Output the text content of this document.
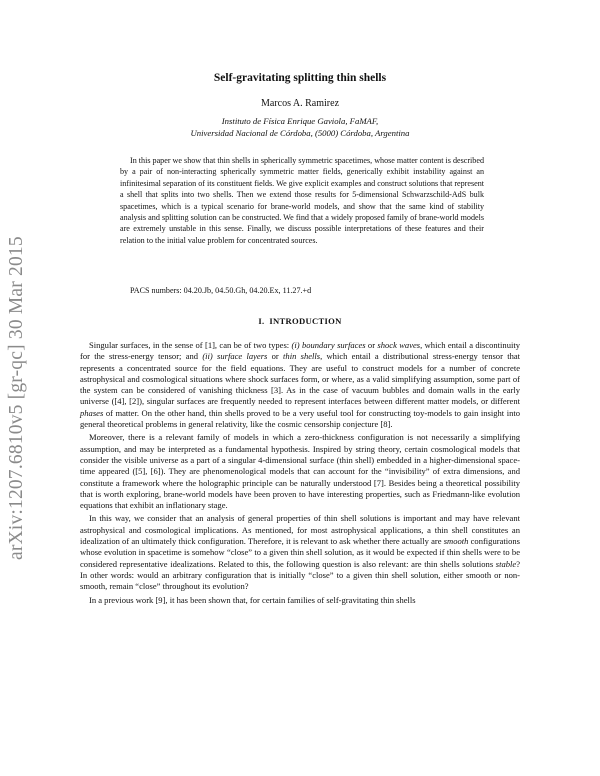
arXiv:1207.6810v5 [gr-qc] 30 Mar 2015
Self-gravitating splitting thin shells
Marcos A. Ramirez
Instituto de Física Enrique Gaviola, FaMAF,
Universidad Nacional de Córdoba, (5000) Córdoba, Argentina

In this paper we show that thin shells in spherically symmetric spacetimes, whose matter content is described by a pair of non-interacting spherically symmetric matter fields, generically exhibit instability against an infinitesimal separation of its constituent fields. We give explicit examples and construct solutions that represent a shell that splits into two shells. Then we extend those results for 5-dimensional Schwarzschild-AdS bulk spacetimes, which is a typical scenario for brane-world models, and show that the same kind of stability analysis and splitting solution can be constructed. We find that a widely proposed family of brane-world models are extremely unstable in this sense. Finally, we discuss possible interpretations of these features and their relation to the initial value problem for concentrated sources.

PACS numbers: 04.20.Jb, 04.50.Gh, 04.20.Ex, 11.27.+d

I. INTRODUCTION

Singular surfaces, in the sense of [1], can be of two types: (i) boundary surfaces or shock waves, which entail a discontinuity for the stress-energy tensor; and (ii) surface layers or thin shells, which entail a distributional stress-energy tensor that represents a concentrated source for the field equations. They are useful to construct models for a number of concrete astrophysical and cosmological situations where shock surfaces form, or where, as a valid simplifying assumption, some part of the system can be considered of vanishing thickness [3]. As in the case of vacuum bubbles and domain walls in the early universe ([4], [2]), singular surfaces are frequently needed to represent interfaces between different matter models, or different phases of matter. On the other hand, thin shells proved to be a very useful tool for constructing toy-models to gain insight into general theoretical problems in general relativity, like the cosmic censorship conjecture [8].

Moreover, there is a relevant family of models in which a zero-thickness configuration is not necessarily a simplifying assumption, and may be interpreted as a fundamental hypothesis. Inspired by string theory, certain cosmological models that consider the visible universe as a part of a singular 4-dimensional surface (thin shell) embedded in a higher-dimensional space-time appeared ([5], [6]). They are phenomenological models that can account for the “invisibility” of extra dimensions, and constitute a framework where the holographic principle can be naturally understood [7]. Besides being a theoretical possibility that is worth exploring, brane-world models have been proven to have interesting properties, such as Friedmann-like evolution equations that exhibit an inflationary stage.

In this way, we consider that an analysis of general properties of thin shell solutions is important and may have relevant astrophysical and cosmological implications. As mentioned, for most astrophysical applications, a thin shell constitutes an idealization of an ultimately thick configuration. Therefore, it is relevant to ask whether there actually are smooth configurations whose evolution in spacetime is somehow “close” to a given thin shell solution, as it would be expected if thin shells were to be considered representative idealizations. Related to this, the following question is also relevant: are thin shells solutions stable? In other words: would an arbitrary configuration that is initially “close” to a given thin shell solution, either smooth or non-smooth, remain “close” throughout its evolution?

In a previous work [9], it has been shown that, for certain families of self-gravitating thin shells
